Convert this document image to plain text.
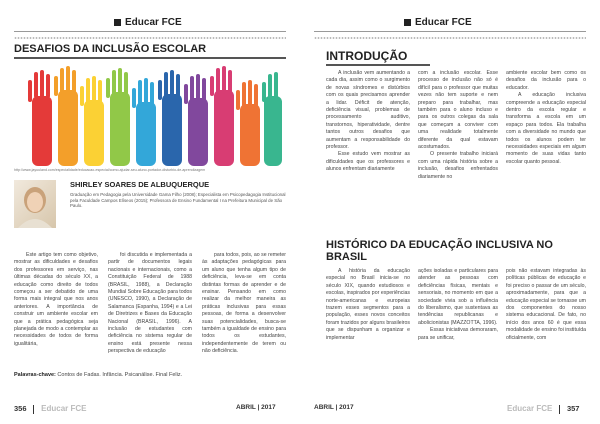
Educar FCE
DESAFIOS DA INCLUSÃO ESCOLAR
http://www.jayuuland.com/especialidade/educacao-especial/como-ajudar-seu-aluno-portador-disturbio-de-aprendizagem
SHIRLEY SOARES DE ALBUQUERQUE
Graduação em Pedagogia pela Universidade Gama Filho (2008); Especialista em Psicopedagogia Institucional pela Faculdade Campos Elíseos (2015); Professora de Ensino Fundamental I na Prefeitura Municipal de São Paulo.

Este artigo tem como objetivo, mostrar as dificuldades e desafios dos professores em serviço, nas últimas décadas do século XX, a educação como direito de todos começou a ser debatido de uma forma mais integral que nos anos anteriores. A importância de construir um ambiente escolar em que a prática pedagógica seja planejada de modo a contemplar as necessidades de todos de forma igualitária,

foi discutida e implementada a partir de documentos legais nacionais e internacionais, como a Constituição Federal de 1988 (BRASIL, 1988), a Declaração Mundial Sobre Educação para todos (UNESCO, 1990), a Declaração de Salamanca (Espanha, 1994) e a Lei de Diretrizes e Bases da Educação Nacional (BRASIL, 1996). A inclusão de estudantes com deficiência no sistema regular de ensino está presente nessa perspectiva de educação

para todos, pois, ao se remeter às adaptações pedagógicas para um aluno que tenha algum tipo de deficiência, leva-se em conta distintas formas de aprender e de ensinar. Pensando em como realizar da melhor maneira as práticas inclusivas para essas pessoas, de forma a desenvolver suas potencialidades, busca-se também a igualdade de ensino para todos os estudantes, independentemente de terem ou não deficiência.

Palavras-chave: Contos de Fadas. Infância. Psicanálise. Final Feliz.
356 Educar FCE	ABRIL | 2017
Educar FCE
INTRODUÇÃO

A inclusão vem aumentando a cada dia, assim como o surgimento de novas síndromes e distúrbios com os quais precisamos aprender a lidar. Déficit de atenção, deficiência visual, problemas de processamento auditivo, transtornos, hiperatividade, dentre tantos outros desafios que aumentam a responsabilidade do professor.

Esse estudo vem mostrar as dificuldades que os professores e alunos enfrentam diariamente

com a inclusão escolar. Esse processo de inclusão não só é difícil para o professor que muitas vezes não tem suporte e nem preparo para trabalhar, mas também para o aluno incluso e para os outros colegas da sala que começam a conviver com uma realidade totalmente diferente da qual estavam acostumados.

O presente trabalho iniciará com uma rápida história sobre a inclusão, desafios enfrentados diariamente no

ambiente escolar bem como os desafios da inclusão para o educador.

A educação inclusiva compreende a educação especial dentro da escola regular e transforma a escola em um espaço para todos. Ela trabalha com a diversidade no mundo que todos os alunos podem ter necessidades especiais em algum momento de suas vidas tanto escolar quanto pessoal.

HISTÓRICO DA EDUCAÇÃO INCLUSIVA NO BRASIL

A história da educação especial no Brasil inicia-se no século XIX, quando estudiosos e escolas, inspirados por experiências norte-americanas e europeias trazem esses segmentos para a população, esses novos conceitos foram trazidos por alguns brasileiros que se dispunham a organizar e implementar

ações isoladas e particulares para atender as pessoas com deficiências físicas, mentais e sensoriais, no momento em que a sociedade vivia sob a influência do liberalismo, que sustentava as tendências republicanas e abolicionistas (MAZZOTTA, 1996).

Essas iniciativas demoraram, para se unificar,

pois não estavam integradas às políticas públicas de educação e foi preciso o passar de um século, aproximadamente, para que a educação especial se tornasse um dos componentes do nosso sistema educacional. De fato, no início dos anos 60 é que essa modalidade de ensino foi instituída oficialmente, com

ABRIL | 2017	Educar FCE 357
